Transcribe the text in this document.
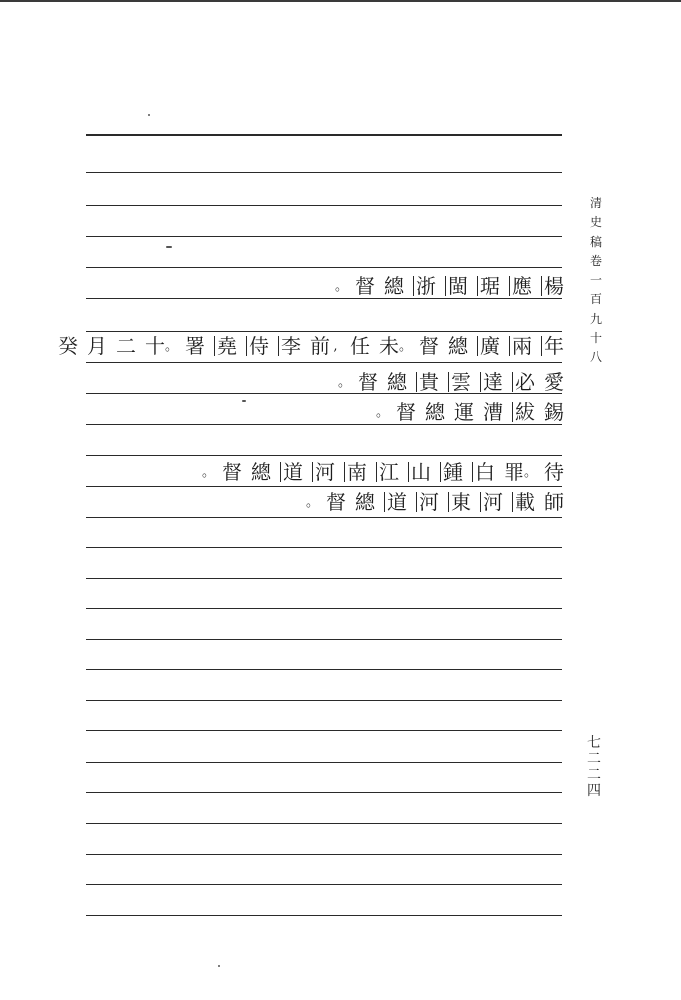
。 督 總 浙 閩 琚 應 楊
癸 月 二 十 。 署 堯 侍 李 前 , 任 未 。 督 總 廣 兩 年
。 督 總 貴 雲 達 必 愛
。 督 總 運 漕 紱 錫
。 督 總 道 河 南 江 山 鍾 白 罪 。 待
。 督 總 道 河 東 河 載 師
清
史
稿
卷
一
百
九
十
八
七
二
二
四
